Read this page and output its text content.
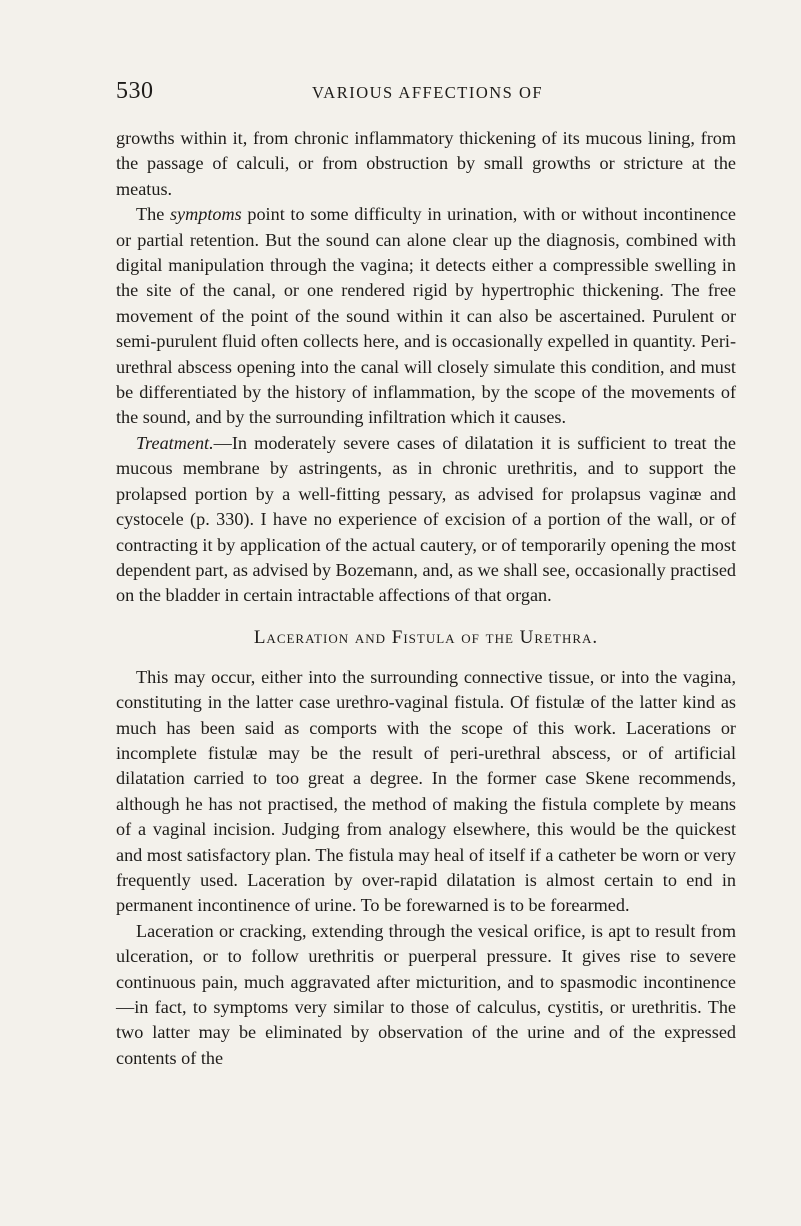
530	VARIOUS AFFECTIONS OF

growths within it, from chronic inflammatory thickening of its mucous lining, from the passage of calculi, or from obstruction by small growths or stricture at the meatus.

The symptoms point to some difficulty in urination, with or without incontinence or partial retention. But the sound can alone clear up the diagnosis, combined with digital manipulation through the vagina; it detects either a compressible swelling in the site of the canal, or one rendered rigid by hypertrophic thickening. The free movement of the point of the sound within it can also be ascertained. Purulent or semi-purulent fluid often collects here, and is occasionally expelled in quantity. Peri-urethral abscess opening into the canal will closely simulate this condition, and must be differentiated by the history of inflammation, by the scope of the movements of the sound, and by the surrounding infiltration which it causes.

Treatment.—In moderately severe cases of dilatation it is sufficient to treat the mucous membrane by astringents, as in chronic urethritis, and to support the prolapsed portion by a well-fitting pessary, as advised for prolapsus vaginæ and cystocele (p. 330). I have no experience of excision of a portion of the wall, or of contracting it by application of the actual cautery, or of temporarily opening the most dependent part, as advised by Bozemann, and, as we shall see, occasionally practised on the bladder in certain intractable affections of that organ.

Laceration and Fistula of the Urethra.

This may occur, either into the surrounding connective tissue, or into the vagina, constituting in the latter case urethro-vaginal fistula. Of fistulæ of the latter kind as much has been said as comports with the scope of this work. Lacerations or incomplete fistulæ may be the result of peri-urethral abscess, or of artificial dilatation carried to too great a degree. In the former case Skene recommends, although he has not practised, the method of making the fistula complete by means of a vaginal incision. Judging from analogy elsewhere, this would be the quickest and most satisfactory plan. The fistula may heal of itself if a catheter be worn or very frequently used. Laceration by over-rapid dilatation is almost certain to end in permanent incontinence of urine. To be forewarned is to be forearmed.

Laceration or cracking, extending through the vesical orifice, is apt to result from ulceration, or to follow urethritis or puerperal pressure. It gives rise to severe continuous pain, much aggravated after micturition, and to spasmodic incontinence—in fact, to symptoms very similar to those of calculus, cystitis, or urethritis. The two latter may be eliminated by observation of the urine and of the expressed contents of the
